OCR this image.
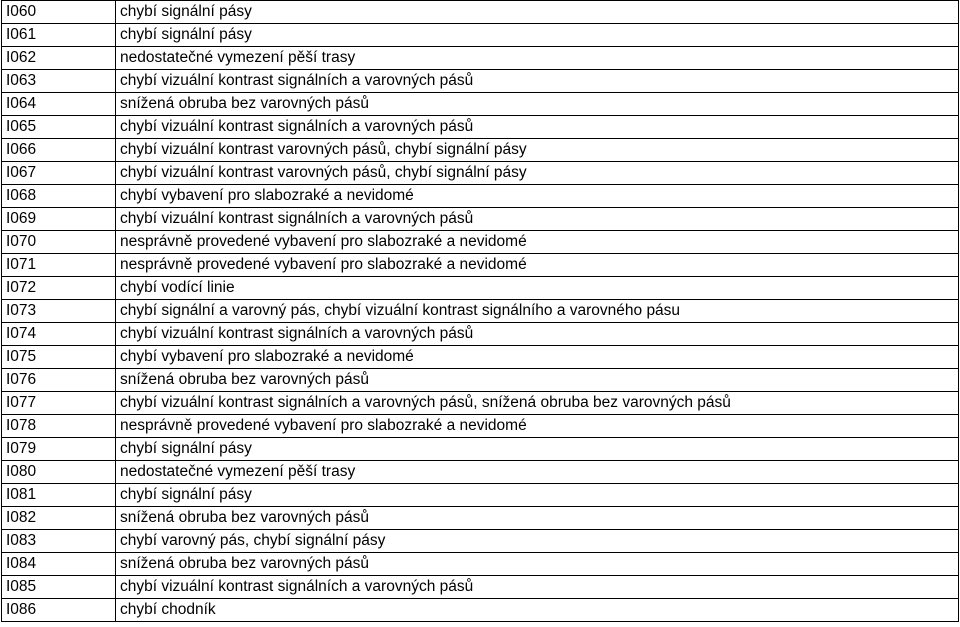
I060	chybí signální pásy
I061	chybí signální pásy
I062	nedostatečné vymezení pěší trasy
I063	chybí vizuální kontrast signálních a varovných pásů
I064	snížená obruba bez varovných pásů
I065	chybí vizuální kontrast signálních a varovných pásů
I066	chybí vizuální kontrast varovných pásů, chybí signální pásy
I067	chybí vizuální kontrast varovných pásů, chybí signální pásy
I068	chybí vybavení pro slabozraké a nevidomé
I069	chybí vizuální kontrast signálních a varovných pásů
I070	nesprávně provedené vybavení pro slabozraké a nevidomé
I071	nesprávně provedené vybavení pro slabozraké a nevidomé
I072	chybí vodící linie
I073	chybí signální a varovný pás, chybí vizuální kontrast signálního a varovného pásu
I074	chybí vizuální kontrast signálních a varovných pásů
I075	chybí vybavení pro slabozraké a nevidomé
I076	snížená obruba bez varovných pásů
I077	chybí vizuální kontrast signálních a varovných pásů, snížená obruba bez varovných pásů
I078	nesprávně provedené vybavení pro slabozraké a nevidomé
I079	chybí signální pásy
I080	nedostatečné vymezení pěší trasy
I081	chybí signální pásy
I082	snížená obruba bez varovných pásů
I083	chybí varovný pás, chybí signální pásy
I084	snížená obruba bez varovných pásů
I085	chybí vizuální kontrast signálních a varovných pásů
I086	chybí chodník
